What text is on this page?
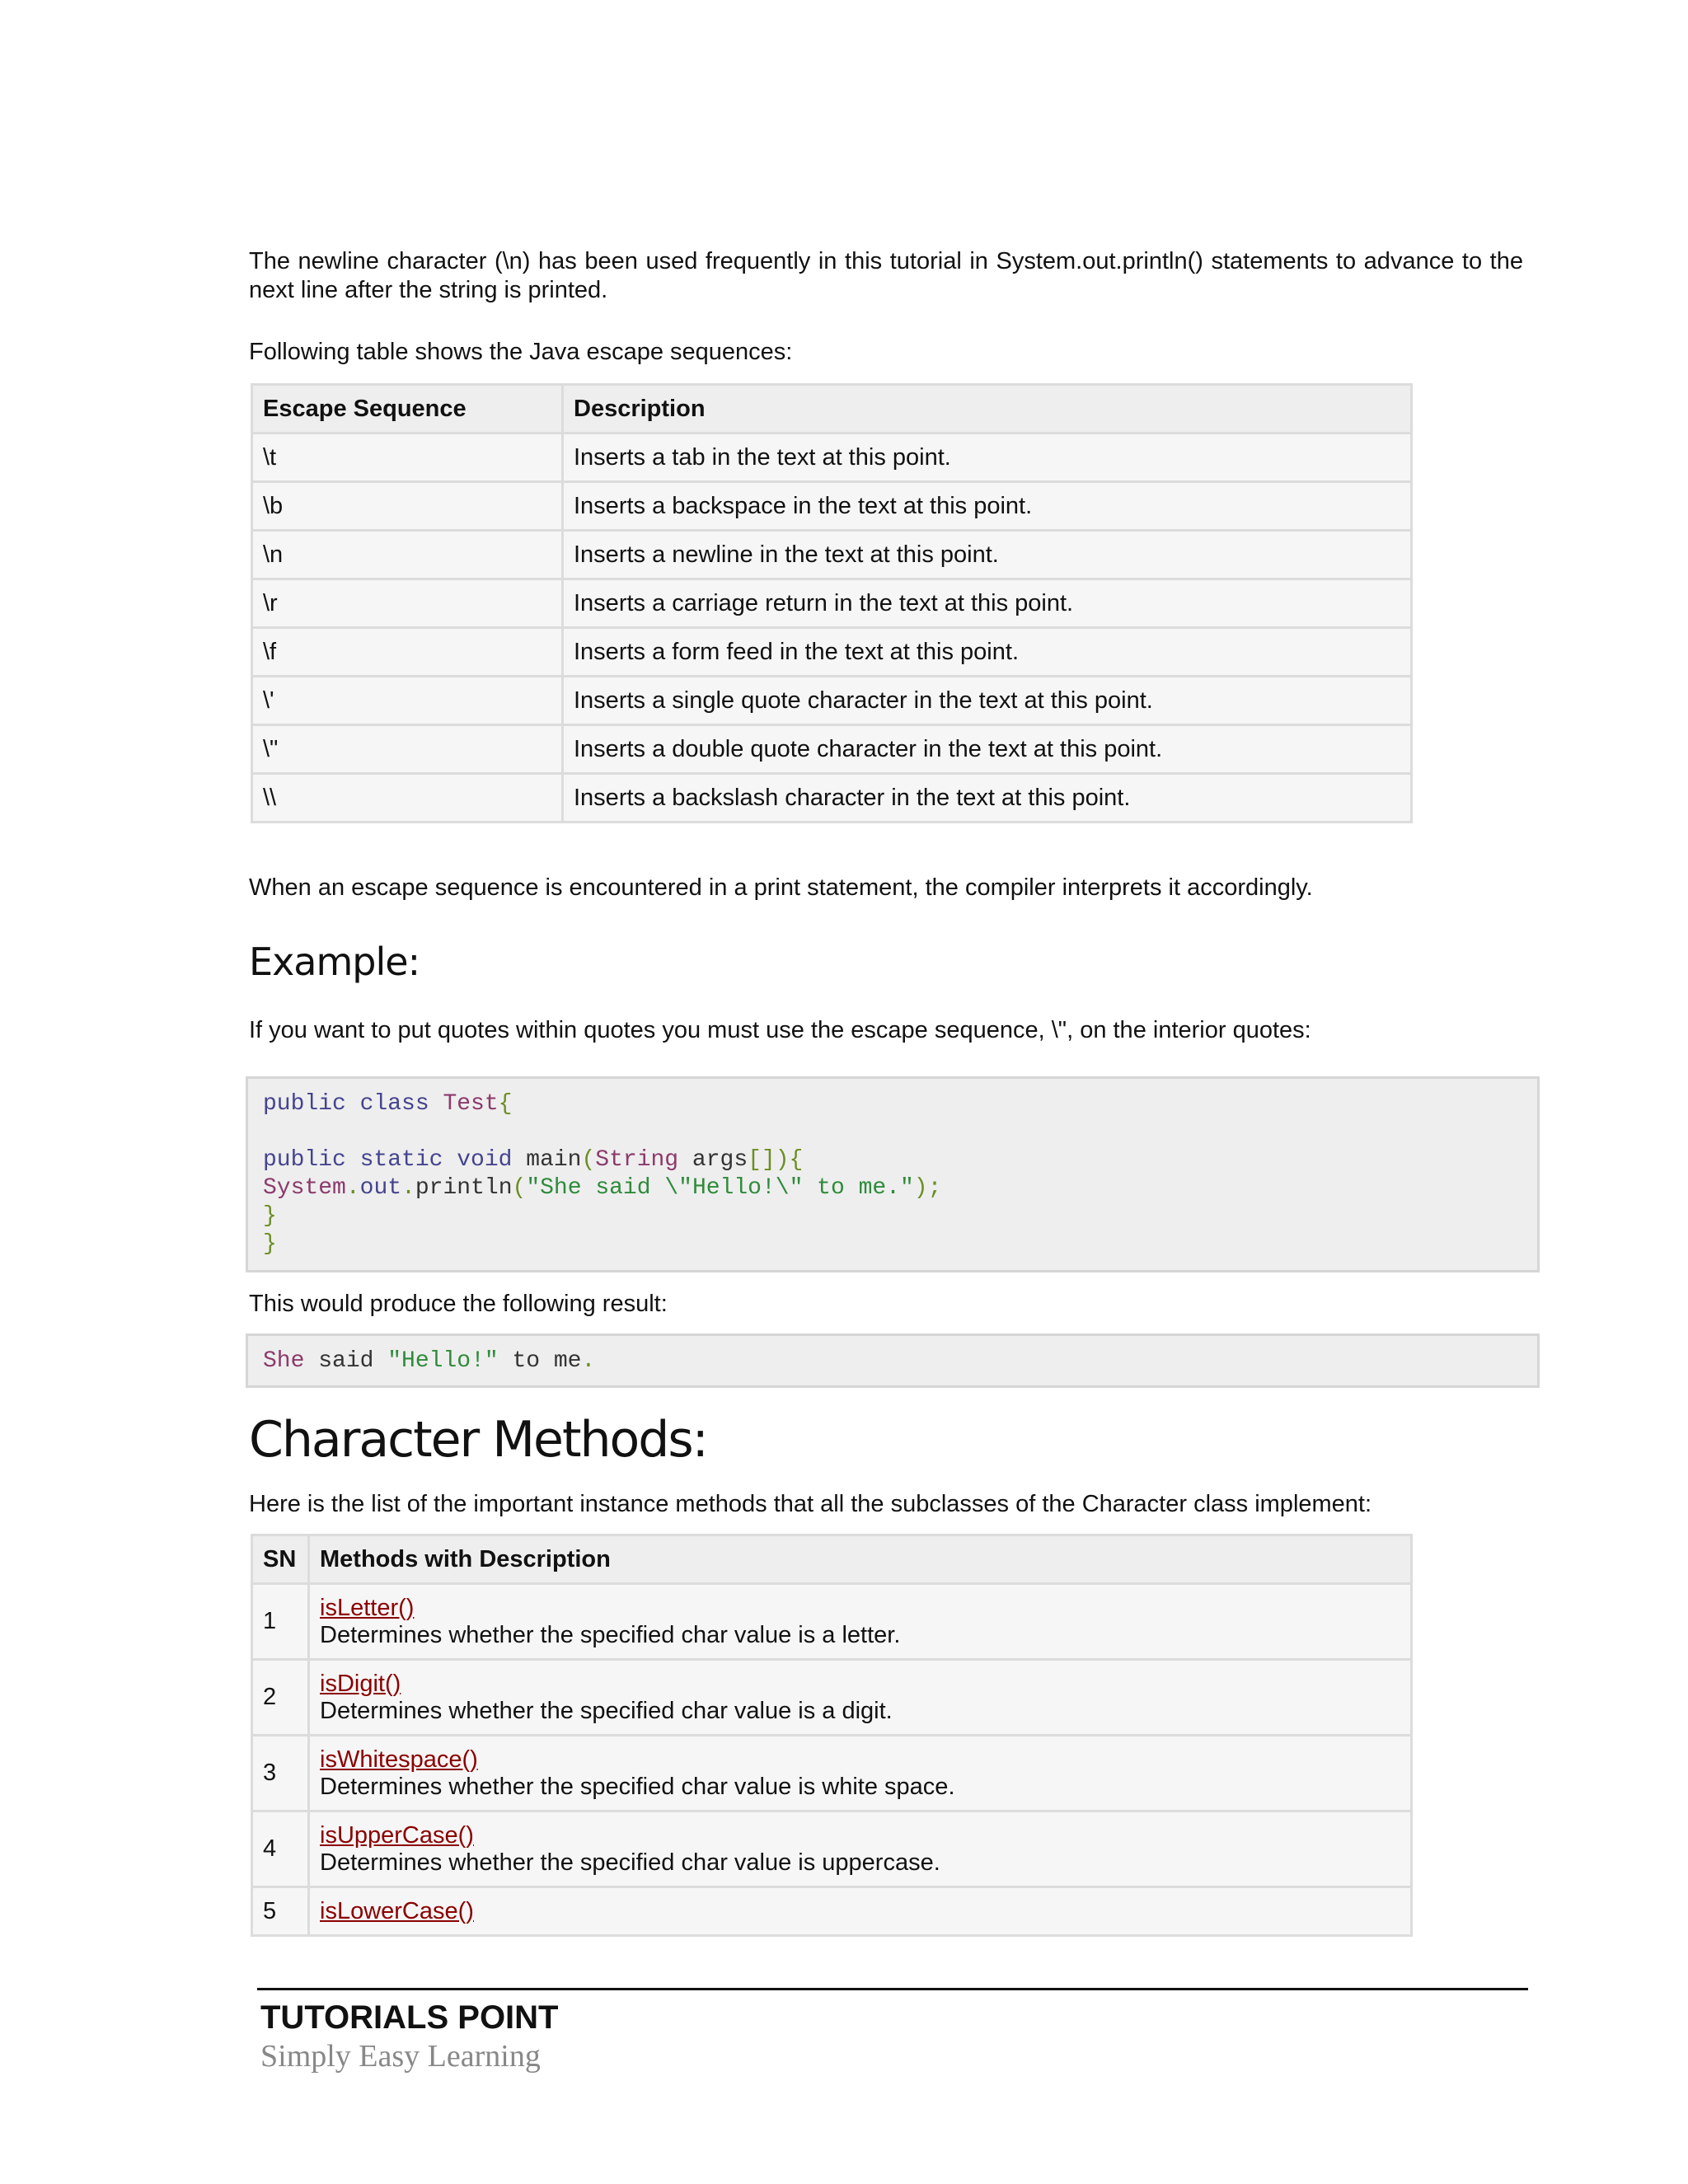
The newline character (\n) has been used frequently in this tutorial in System.out.println() statements to advance to the next line after the string is printed.

Following table shows the Java escape sequences:

Escape Sequence	Description
\t	Inserts a tab in the text at this point.
\b	Inserts a backspace in the text at this point.
\n	Inserts a newline in the text at this point.
\r	Inserts a carriage return in the text at this point.
\f	Inserts a form feed in the text at this point.
\'	Inserts a single quote character in the text at this point.
\"	Inserts a double quote character in the text at this point.
\\	Inserts a backslash character in the text at this point.

When an escape sequence is encountered in a print statement, the compiler interprets it accordingly.

Example:

If you want to put quotes within quotes you must use the escape sequence, \", on the interior quotes:

public class Test{

public static void main(String args[]){
System.out.println("She said \"Hello!\" to me.");
}
}

This would produce the following result:

She said "Hello!" to me.
Character Methods:

Here is the list of the important instance methods that all the subclasses of the Character class implement:

SN	Methods with Description
1	isLetter()
Determines whether the specified char value is a letter.

2	isDigit()
Determines whether the specified char value is a digit.

3	isWhitespace()
Determines whether the specified char value is white space.

4	isUpperCase()
Determines whether the specified char value is uppercase.

5	isLowerCase()
TUTORIALS POINT
Simply Easy Learning
